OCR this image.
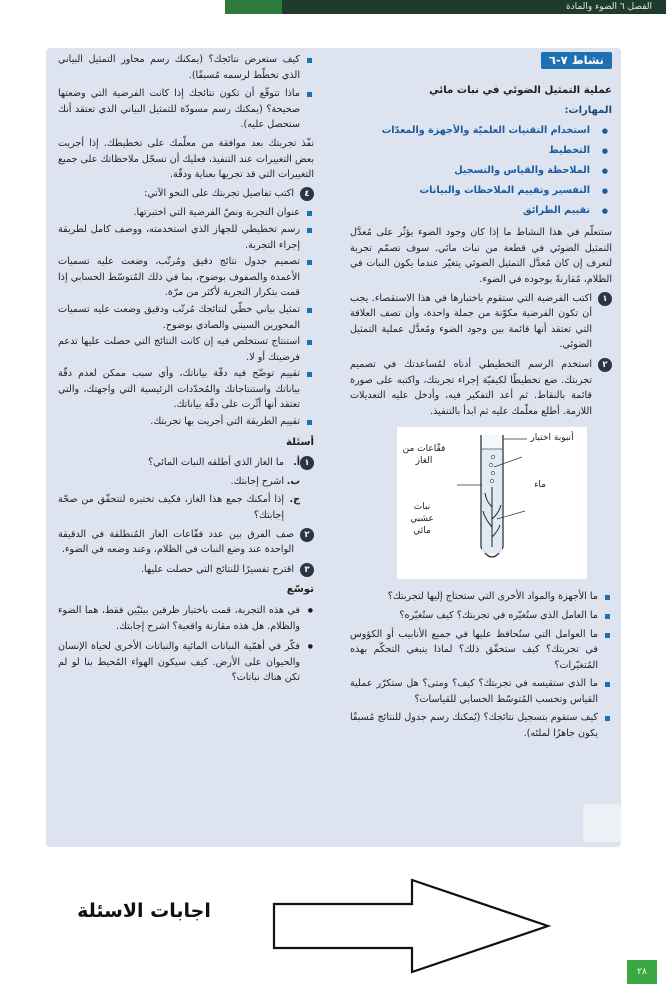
الفصل ٦ الضوء والمادة
نشاط ٧-٦
عملية التمثيل الضوئي في نبات مائي
المهارات:
● استخدام التقنيات العلميّة والأجهزة والمعدّات
● التخطيط
● الملاحظة والقياس والتسجيل
● التفسير وتقييم الملاحظات والبيانات
● تقييم الطرائق

ستتعلّم في هذا النشاط ما إذا كان وجود الضوء يؤثّر على مُعدَّل التمثيل الضوئي في قطعة من نبات مائي. سوف تصمّم تجربة لتعرف إن كان مُعدَّل التمثيل الضوئي يتغيّر عندما يكون النبات في الظلام، مُقارنةً بوجوده في الضوء.

١
اكتب الفرضية التي ستقوم باختبارها في هذا الاستقصاء. يجب أن تكون الفرضية مكوّنة من جملة واحدة، وأن تصف العلاقة التي تعتقد أنها قائمة بين وجود الضوء ومُعدَّل عملية التمثيل الضوئي.
٢
استخدم الرسم التخطيطي أدناه لمُساعدتك في تصميم تجربتك. ضع تخطيطًا لكيفيّة إجراء تجربتك، واكتبه على صورة قائمة بالنقاط. ثم أعد التفكير فيه، وأدخل عليه التعديلات اللازمة. أطلع معلّمك عليه ثم ابدأ بالتنفيذ.
أنبوبة اختبار
فقّاعات من الغاز
ماء
نبات عشبي مائي
ما الأجهزة والمواد الأخرى التي ستحتاج إليها لتجربتك؟
ما العامل الذي ستُغيّره في تجربتك؟ كيف ستُغيّره؟
ما العوامل التي ستُحافظ عليها في جميع الأنابيب أو الكؤوس في تجربتك؟ كيف ستحقّق ذلك؟ لماذا ينبغي التحكّم بهذه المُتغيّرات؟
ما الذي ستقيسه في تجربتك؟ كيف؟ ومتى؟ هل ستكرّر عملية القياس وتحسب المُتوسّط الحسابي للقياسات؟
كيف ستقوم بتسجيل نتائجك؟ (يُمكنك رسم جدول للنتائج مُسبقًا يكون جاهزًا لملئه).
كيف ستعرض نتائجك؟ (يمكنك رسم محاور التمثيل البياني الذي تخطّط لرسمه مُسبقًا).
ماذا تتوقّع أن تكون نتائجك إذا كانت الفرضية التي وضعتها صحيحة؟ (يمكنك رسم مسودّة للتمثيل البياني الذي تعتقد أنك ستحصل عليه).

نفّذ تجربتك بعد موافقة من معلّمك على تخطيطك. إذا أجريت بعض التغييرات عند التنفيذ، فعليك أن تسجّل ملاحظاتك على جميع التغييرات التي قد تجريها بعناية ودقّة.

٤
اكتب تفاصيل تجربتك على النحو الآتي:
عنوان التجربة ونصّ الفرضية التي اختبرتها.
رسم تخطيطي للجهاز الذي استخدمته، ووصف كامل لطريقة إجراء التجربة.
تصميم جدول نتائج دقيق ومُرتّب، وضعت عليه تسميات الأعمدة والصفوف بوضوح، بما في ذلك المُتوسّط الحسابي إذا قمت بتكرار التجربة لأكثر من مرّة.
تمثيل بياني خطّي لنتائجك مُرتّب ودقيق وضعت عليه تسميات المحورين السيني والصادي بوضوح.
استنتاج تستخلص فيه إن كانت النتائج التي حصلت عليها تدعم فرضيتك أو لا.
تقييم توضّح فيه دقّة بياناتك، وأي سبب ممكن لعدم دقّة بياناتك واستنتاجاتك والمُحدّدات الرئيسية التي واجهتك، والتي تعتقد أنها أثّرت على دقّة بياناتك.
تقييم الطريقة التي أجريت بها تجربتك.
أسئلة
١
أ.
ما الغاز الذي أطلقه النبات المائي؟
ب.
اشرح إجابتك.
ج.
إذا أمكنك جمع هذا الغاز، فكيف تختبره لتتحقّق من صحّة إجابتك؟
٢
صف الفرق بين عدد فقّاعات الغاز المُنطلقة في الدقيقة الواحدة عند وضع النبات في الظلام، وعند وضعه في الضوء.
٣
اقترح تفسيرًا للنتائج التي حصلت عليها.
توسّع
● في هذه التجربة، قمت باختبار ظرفين بيئيّين فقط، هما الضوء والظلام. هل هذه مقارنة واقعية؟ اشرح إجابتك.
● فكّر في أهمّية النباتات المائية والنباتات الأخرى لحياة الإنسان والحيوان على الأرض. كيف سيكون الهواء المُحيط بنا لو لم تكن هناك نباتات؟
اجابات الاسئلة
٢٨
